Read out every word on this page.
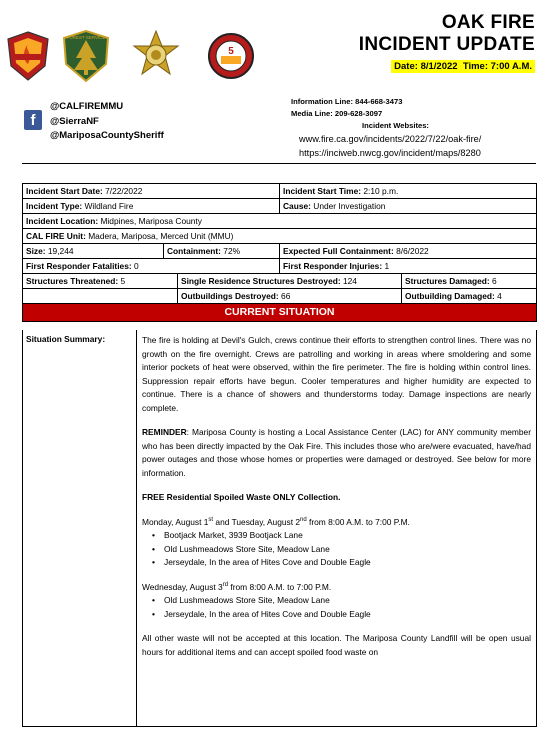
FOREST SERVICE
5
OAK FIRE
INCIDENT UPDATE
Date: 8/1/2022 Time: 7:00 A.M.
f
@CALFIREMMU
@SierraNF
@MariposaCountySheriff
Information Line: 844-668-3473
Media Line: 209-628-3097
Incident Websites:
www.fire.ca.gov/incidents/2022/7/22/oak-fire/
https://inciweb.nwcg.gov/incident/maps/8280
Incident Start Date: 7/22/2022	Incident Start Time: 2:10 p.m.
Incident Type: Wildland Fire	Cause: Under Investigation
Incident Location: Midpines, Mariposa County
CAL FIRE Unit: Madera, Mariposa, Merced Unit (MMU)
Size: 19,244	Containment: 72%	Expected Full Containment: 8/6/2022
First Responder Fatalities: 0	First Responder Injuries: 1
Structures Threatened: 5	Single Residence Structures Destroyed: 124	Structures Damaged: 6

Outbuildings Destroyed: 66	Outbuilding Damaged: 4
CURRENT SITUATION
Situation Summary:	The fire is holding at Devil's Gulch, crews continue their efforts to strengthen control lines. There was no growth on the fire overnight. Crews are patrolling and working in areas where smoldering and some interior pockets of heat were observed, within the fire perimeter. The fire is holding within control lines. Suppression repair efforts have begun. Cooler temperatures and higher humidity are expected to continue. There is a chance of showers and thunderstorms today. Damage inspections are nearly complete.

REMINDER: Mariposa County is hosting a Local Assistance Center (LAC) for ANY community member who has been directly impacted by the Oak Fire. This includes those who are/were evacuated, have/had power outages and those whose homes or properties were damaged or destroyed. See below for more information.

FREE Residential Spoiled Waste ONLY Collection.

Monday, August 1st and Tuesday, August 2nd from 8:00 A.M. to 7:00 P.M.

• Bootjack Market, 3939 Bootjack Lane
• Old Lushmeadows Store Site, Meadow Lane
• Jerseydale, In the area of Hites Cove and Double Eagle

Wednesday, August 3rd from 8:00 A.M. to 7:00 P.M.

• Old Lushmeadows Store Site, Meadow Lane
• Jerseydale, In the area of Hites Cove and Double Eagle

All other waste will not be accepted at this location. The Mariposa County Landfill will be open usual hours for additional items and can accept spoiled food waste on
